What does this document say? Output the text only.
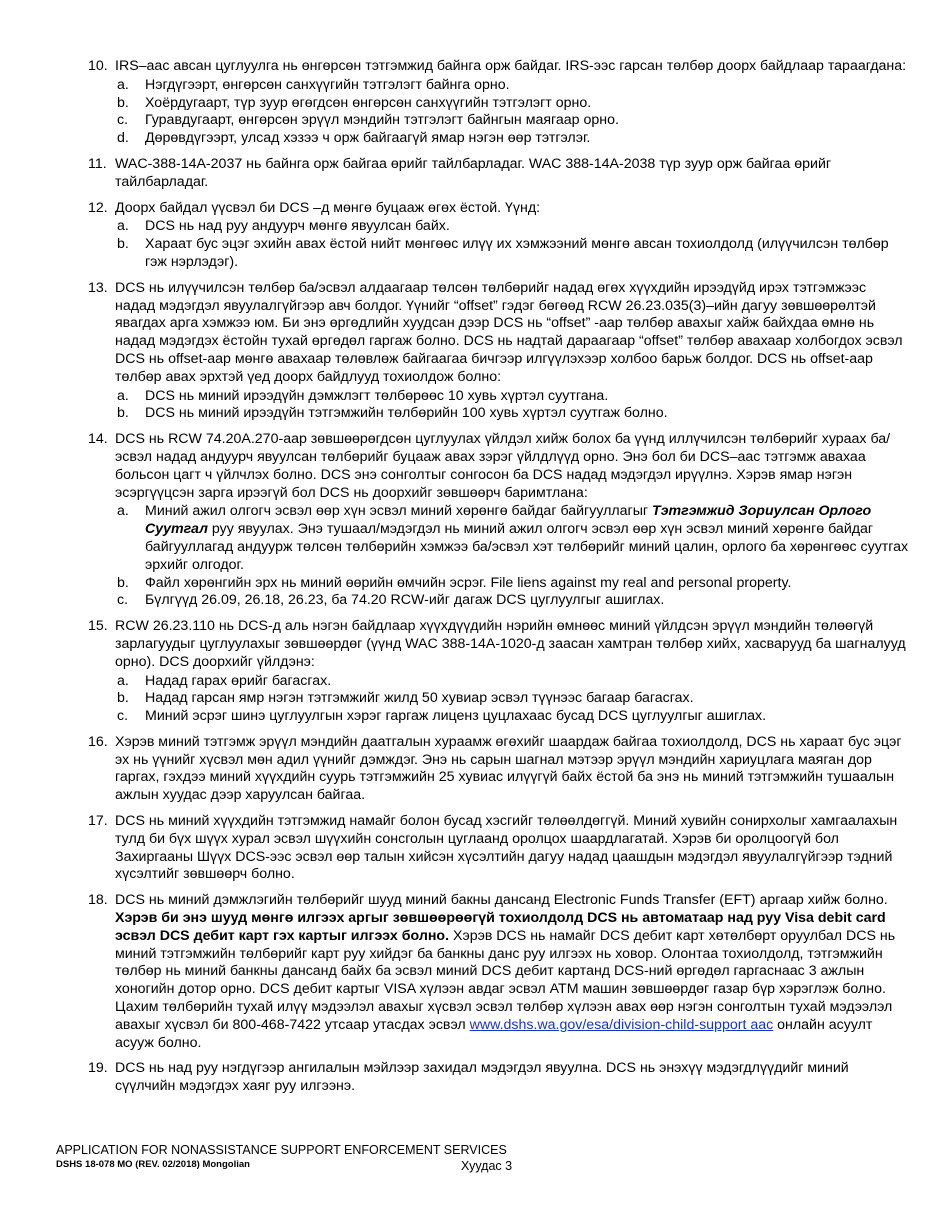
10. IRS–аас авсан цуглуулга нь өнгөрсөн тэтгэмжид байнга орж байдаг. IRS-ээс гарсан төлбөр доорх байдлаар тараагдана:
a. Нэгдүгээрт, өнгөрсөн санхүүгийн тэтгэлэгт байнга орно.
b. Хоёрдугаарт, түр зуур өгөгдсөн өнгөрсөн санхүүгийн тэтгэлэгт орно.
c. Гуравдугаарт, өнгөрсөн эрүүл мэндийн тэтгэлэгт байнгын маягаар орно.
d. Дөрөвдүгээрт, улсад хэзээ ч орж байгаагүй ямар нэгэн өөр тэтгэлэг.
11. WAC-388-14A-2037 нь байнга орж байгаа өрийг тайлбарладаг. WAC 388-14A-2038 түр зуур орж байгаа өрийг тайлбарладаг.
12. Доорх байдал үүсвэл би DCS –д мөнгө буцааж өгөх ёстой. Үүнд:
a. DCS нь над руу андуурч мөнгө явуулсан байх.
b. Хараат бус эцэг эхийн авах ёстой нийт мөнгөөс илүү их хэмжээний мөнгө авсан тохиолдолд (илүүчилсэн төлбөр гэж нэрлэдэг).
13. DCS нь илүүчилсэн төлбөр ба/эсвэл алдаагаар төлсөн төлбөрийг надад өгөх хүүхдийн ирээдүйд ирэх тэтгэмжээс надад мэдэгдэл явуулалгүйгээр авч болдог. Үүнийг “offset” гэдэг бөгөөд RCW 26.23.035(3)–ийн дагуу зөвшөөрөлтэй явагдах арга хэмжээ юм. Би энэ өргөдлийн хуудсан дээр DCS нь “offset” -аар төлбөр авахыг хайж байхдаа өмнө нь надад мэдэгдэх ёстойн тухай өргөдөл гаргаж болно. DCS нь надтай дараагаар “offset” төлбөр авахаар холбогдох эсвэл DCS нь offset-аар мөнгө авахаар төлөвлөж байгаагаа бичгээр илгүүлэхээр холбоо барьж болдог. DCS нь offset-аар төлбөр авах эрхтэй үед доорх байдлууд тохиолдож болно:
a. DCS нь миний ирээдүйн дэмжлэгт төлбөрөөс 10 хувь хүртэл суутгана.
b. DCS нь миний ирээдүйн тэтгэмжийн төлбөрийн 100 хувь хүртэл суутгаж болно.
14. DCS нь RCW 74.20A.270-аар зөвшөөрөгдсөн цуглуулах үйлдэл хийж болох ба үүнд иллүчилсэн төлбөрийг хураах ба/эсвэл надад андуурч явуулсан төлбөрийг буцааж авах зэрэг үйлдлүүд орно. Энэ бол би DCS–аас тэтгэмж авахаа больсон цагт ч үйлчлэх болно. DCS энэ сонголтыг сонгосон ба DCS надад мэдэгдэл ирүүлнэ. Хэрэв ямар нэгэн эсэргүүцсэн зарга ирээгүй бол DCS нь доорхийг зөвшөөрч баримтлана:
a. Миний ажил олгогч эсвэл өөр хүн эсвэл миний хөрөнгө байдаг байгууллагыг Тэтгэмжид Зориулсан Орлого Суутгал руу явуулах. Энэ тушаал/мэдэгдэл нь миний ажил олгогч эсвэл өөр хүн эсвэл миний хөрөнгө байдаг байгууллагад андуурж төлсөн төлбөрийн хэмжээ ба/эсвэл хэт төлбөрийг миний цалин, орлого ба хөрөнгөөс суутгах эрхийг олгодог.
b. Файл хөрөнгийн эрх нь миний өөрийн өмчийн эсрэг. File liens against my real and personal property.
c. Бүлгүүд 26.09, 26.18, 26.23, ба 74.20 RCW-ийг дагаж DCS цуглуулгыг ашиглах.
15. RCW 26.23.110 нь DCS-д аль нэгэн байдлаар хүүхдүүдийн нэрийн өмнөөс миний үйлдсэн эрүүл мэндийн төлөөгүй зарлагуудыг цуглуулахыг зөвшөөрдөг (үүнд WAC 388-14A-1020-д заасан хамтран төлбөр хийх, хасварууд ба шагналууд орно). DCS доорхийг үйлдэнэ:
a. Надад гарах өрийг багасгах.
b. Надад гарсан ямр нэгэн тэтгэмжийг жилд 50 хувиар эсвэл түүнээс багаар багасгах.
c. Миний эсрэг шинэ цуглуулгын хэрэг гаргаж лиценз цуцлахаас бусад DCS цуглуулгыг ашиглах.
16. Хэрэв миний тэтгэмж эрүүл мэндийн даатгалын хураамж өгөхийг шаардаж байгаа тохиолдолд, DCS нь хараат бус эцэг эх нь үүнийг хүсвэл мөн адил үүнийг дэмждэг. Энэ нь сарын шагнал мэтээр эрүүл мэндийн хариуцлага маяган дор гаргах, гэхдээ миний хүүхдийн суурь тэтгэмжийн 25 хувиас илүүгүй байх ёстой ба энэ нь миний тэтгэмжийн тушаалын ажлын хуудас дээр харуулсан байгаа.
17. DCS нь миний хүүхдийн тэтгэмжид намайг болон бусад хэсгийг төлөөлдөггүй. Миний хувийн сонирхолыг хамгаалахын тулд би бүх шүүх хурал эсвэл шүүхийн сонсголын цуглаанд оролцох шаардлагатай. Хэрэв би оролцоогүй бол Захиргааны Шүүх DCS-ээс эсвэл өөр талын хийсэн хүсэлтийн дагуу надад цаашдын мэдэгдэл явуулалгүйгээр тэдний хүсэлтийг зөвшөөрч болно.
18. DCS нь миний дэмжлэгийн төлбөрийг шууд миний бакны дансанд Electronic Funds Transfer (EFT) аргаар хийж болно. Хэрэв би энэ шууд мөнгө илгээх аргыг зөвшөөрөөгүй тохиолдолд DCS нь автоматаар над руу Visa debit card эсвэл DCS дебит карт гэх картыг илгээх болно. Хэрэв DCS нь намайг DCS дебит карт хөтөлбөрт оруулбал DCS нь миний тэтгэмжийн төлбөрийг карт руу хийдэг ба банкны данс руу илгээх нь ховор. Олонтаа тохиолдолд, тэтгэмжийн төлбөр нь миний банкны дансанд байх ба эсвэл миний DCS дебит картанд DCS-ний өргөдөл гаргаснаас 3 ажлын хоногийн дотор орно. DCS дебит картыг VISA хүлээн авдаг эсвэл ATM машин зөвшөөрдөг газар бүр хэрэглэж болно. Цахим төлбөрийн тухай илүү мэдээлэл авахыг хүсвэл эсвэл төлбөр хүлээн авах өөр нэгэн сонголтын тухай мэдээлэл авахыг хүсвэл би 800-468-7422 утсаар утасдах эсвэл www.dshs.wa.gov/esa/division-child-support aac онлайн асуулт асууж болно.
19. DCS нь над руу нэгдүгээр ангилалын мэйлээр захидал мэдэгдэл явуулна. DCS нь энэхүү мэдэгдлүүдийг миний сүүлчийн мэдэгдэх хаяг руу илгээнэ.
APPLICATION FOR NONASSISTANCE SUPPORT ENFORCEMENT SERVICES
DSHS 18-078 MO (REV. 02/2018) Mongolian	Хуудас 3
